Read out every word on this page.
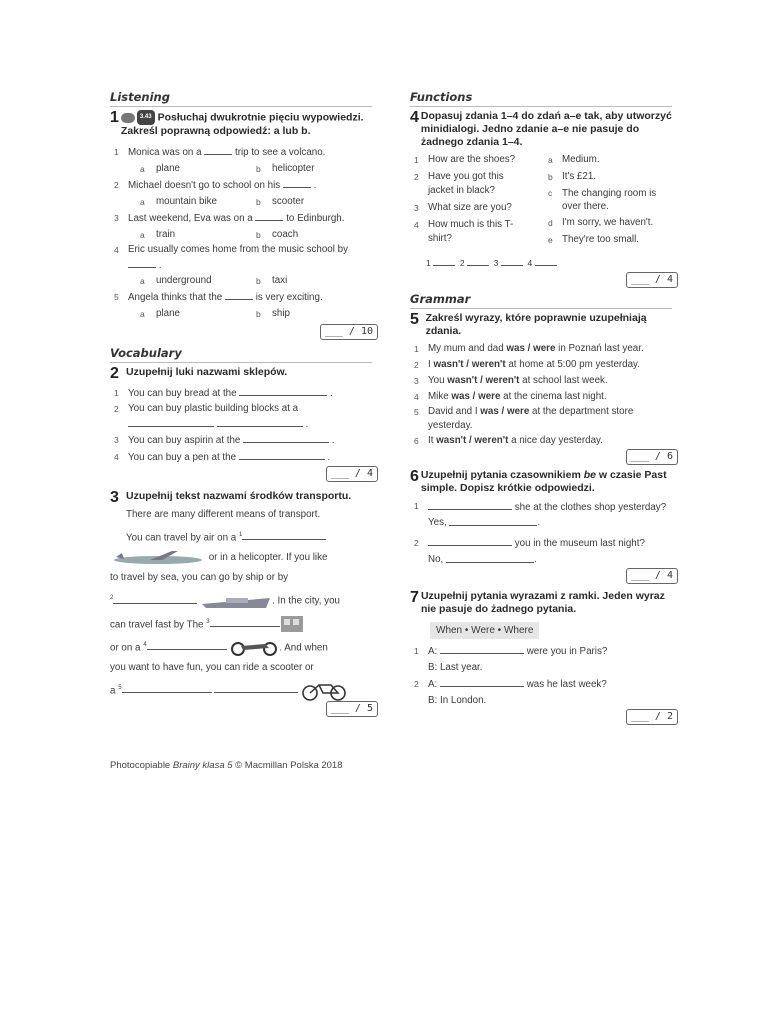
Listening
1	3.43 Posłuchaj dwukrotnie pięciu wypowiedzi. Zakreśl poprawną odpowiedź: a lub b.
1 Monica was on a	trip to see a volcano.
a	plane	b	helicopter
2 Michael doesn't go to school on his	.
a	mountain bike	b	scooter
3 Last weekend, Eva was on a	to Edinburgh.
a	train	b	coach
4 Eric usually comes home from the music school by  .
a	underground	b	taxi
5 Angela thinks that the	is very exciting.
a	plane	b	ship
___ / 10
Vocabulary
2 Uzupełnij luki nazwami sklepów.
1 You can buy bread at the	.
2 You can buy plastic building blocks at a   .
3 You can buy aspirin at the	.
4 You can buy a pen at the	.
___ / 4
3 Uzupełnij tekst nazwami środków transportu.
There are many different means of transport.
You can travel by air on a $^1$
or in a helicopter. If you like
to travel by sea, you can go by ship or by
$^2$	. In the city, you
can travel fast by The $^3$
or on a $^4$	. And when
you want to have fun, you can ride a scooter or
a $^5$
___ / 5
Functions
4 Dopasuj zdania 1–4 do zdań a–e tak, aby utworzyć minidialogi. Jedno zdanie a–e nie pasuje do żadnego zdania 1–4.
1 How are the shoes?
2 Have you got this jacket in black?
3 What size are you?
4 How much is this T-shirt?
a Medium.
b It's £21.
c The changing room is over there.
d I'm sorry, we haven't.
e They're too small.
1	2	3	4
___ / 4
Grammar
5 Zakreśl wyrazy, które poprawnie uzupełniają zdania.
1 My mum and dad was / were in Poznań last year.
2 I wasn't / weren't at home at 5:00 pm yesterday.
3 You wasn't / weren't at school last week.
4 Mike was / were at the cinema last night.
5 David and I was / were at the department store yesterday.
6 It wasn't / weren't a nice day yesterday.
___ / 6
6 Uzupełnij pytania czasownikiem be w czasie Past simple. Dopisz krótkie odpowiedzi.
1	she at the clothes shop yesterday?
Yes,
	.
2	you in the museum last night?
No,
	.
___ / 4
7 Uzupełnij pytania wyrazami z ramki. Jeden wyraz nie pasuje do żadnego pytania.
When • Were • Where
1 A:	were you in Paris?
B: Last year.
2 A:	was he last week?
B: In London.
___ / 2
Photocopiable Brainy klasa 5 © Macmillan Polska 2018
